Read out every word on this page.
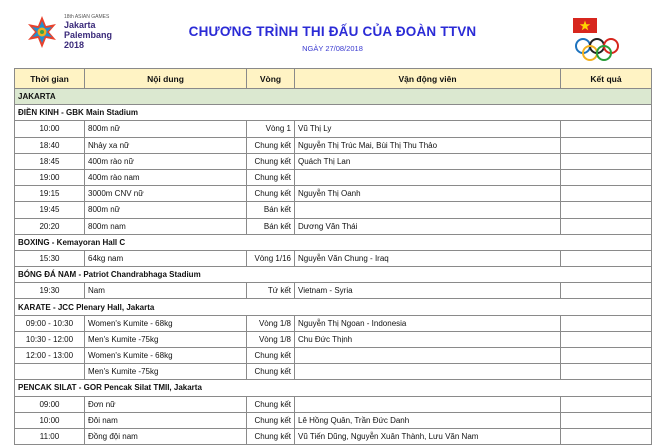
18th ASIAN GAMES
Jakarta
Palembang
2018
CHƯƠNG TRÌNH THI ĐẤU CỦA ĐOÀN TTVN
NGÀY 27/08/2018
Thời gian	Nội dung	Vòng	Vận động viên	Kết quả
JAKARTA				
ĐIỀN KINH - GBK Main Stadium				
10:00	800m nữ	Vòng 1	Vũ Thị Ly	
18:40	Nhảy xa nữ	Chung kết	Nguyễn Thị Trúc Mai, Bùi Thị Thu Thảo	
18:45	400m rào nữ	Chung kết	Quách Thị Lan	
19:00	400m rào nam	Chung kết		
19:15	3000m CNV nữ	Chung kết	Nguyễn Thị Oanh	
19:45	800m nữ	Bán kết		
20:20	800m nam	Bán kết	Dương Văn Thái	
BOXING - Kemayoran Hall C				
15:30	64kg nam	Vòng 1/16	Nguyễn Văn Chung - Iraq	
BÓNG ĐÁ NAM - Patriot Chandrabhaga Stadium				
19:30	Nam	Tứ kết	Vietnam - Syria	
KARATE - JCC Plenary Hall, Jakarta				
09:00 - 10:30	Women's Kumite - 68kg	Vòng 1/8	Nguyễn Thị Ngoan - Indonesia	
10:30 - 12:00	Men's Kumite -75kg	Vòng 1/8	Chu Đức Thịnh	
12:00 - 13:00	Women's Kumite - 68kg	Chung kết		
	Men's Kumite -75kg	Chung kết		
PENCAK SILAT - GOR Pencak Silat TMII, Jakarta				
09:00	Đơn nữ	Chung kết		
10:00	Đôi nam	Chung kết	Lê Hồng Quân, Trần Đức Danh	
11:00	Đồng đội nam	Chung kết	Vũ Tiến Dũng, Nguyễn Xuân Thành, Lưu Văn Nam	
